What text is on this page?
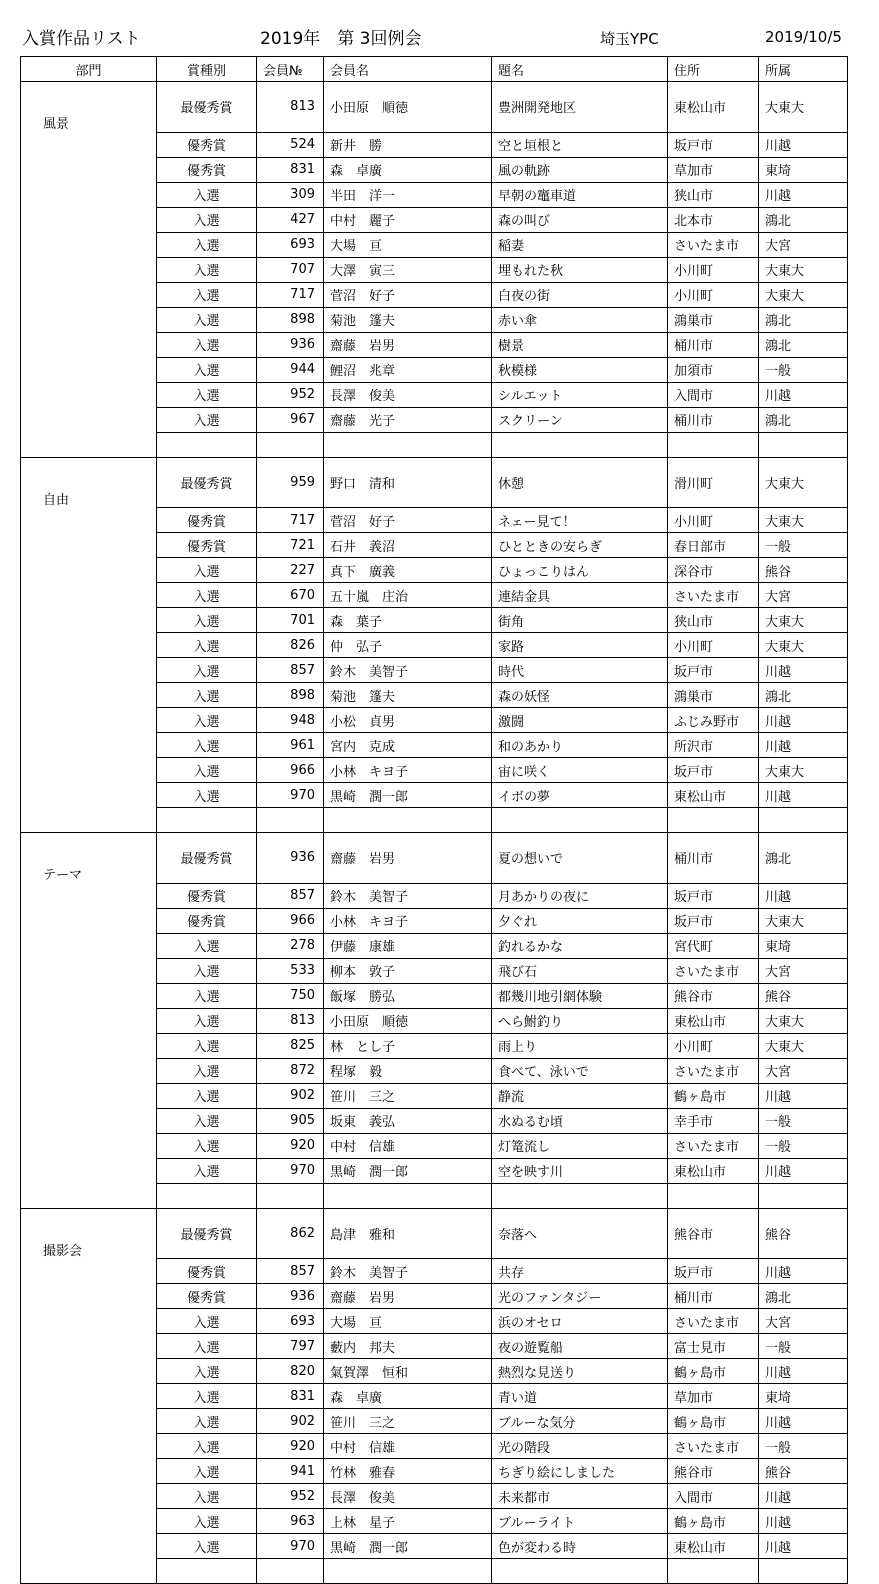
入賞作品リスト	2019年　第 3回例会	埼玉YPC	2019/10/5
部門	賞種別	会員№	会員名	題名	住所	所属

風景	最優秀賞	813	小田原　順徳	豊洲開発地区	東松山市	大東大
	優秀賞	524	新井　勝	空と垣根と	坂戸市	川越
	優秀賞	831	森　卓廣	風の軌跡	草加市	東埼
	入選	309	半田　洋一	早朝の竈車道	狭山市	川越
	入選	427	中村　麗子	森の叫び	北本市	鴻北
	入選	693	大場　亘	稲妻	さいたま市	大宮
	入選	707	大澤　寅三	埋もれた秋	小川町	大東大
	入選	717	菅沼　好子	白夜の街	小川町	大東大
	入選	898	菊池　篷夫	赤い傘	鴻巣市	鴻北
	入選	936	齋藤　岩男	樹景	桶川市	鴻北
	入選	944	鯉沼　兆章	秋模様	加須市	一般
	入選	952	長澤　俊美	シルエット	入間市	川越
	入選	967	齋藤　光子	スクリーン	桶川市	鴻北

自由	最優秀賞	959	野口　清和	休憩	滑川町	大東大
	優秀賞	717	菅沼　好子	ネェー見て！	小川町	大東大
	優秀賞	721	石井　義沼	ひとときの安らぎ	春日部市	一般
	入選	227	真下　廣義	ひょっこりはん	深谷市	熊谷
	入選	670	五十嵐　庄治	連結金具	さいたま市	大宮
	入選	701	森　葉子	街角	狭山市	大東大
	入選	826	仲　弘子	家路	小川町	大東大
	入選	857	鈴木　美智子	時代	坂戸市	川越
	入選	898	菊池　篷夫	森の妖怪	鴻巣市	鴻北
	入選	948	小松　貞男	激闘	ふじみ野市	川越
	入選	961	宮内　克成	和のあかり	所沢市	川越
	入選	966	小林　キヨ子	宙に咲く	坂戸市	大東大
	入選	970	黒崎　潤一郎	イボの夢	東松山市	川越

テーマ	最優秀賞	936	齋藤　岩男	夏の想いで	桶川市	鴻北
	優秀賞	857	鈴木　美智子	月あかりの夜に	坂戸市	川越
	優秀賞	966	小林　キヨ子	夕ぐれ	坂戸市	大東大
	入選	278	伊藤　康雄	釣れるかな	宮代町	東埼
	入選	533	柳本　敦子	飛び石	さいたま市	大宮
	入選	750	飯塚　勝弘	都幾川地引網体験	熊谷市	熊谷
	入選	813	小田原　順徳	へら鮒釣り	東松山市	大東大
	入選	825	林　とし子	雨上り	小川町	大東大
	入選	872	程塚　毅	食べて、泳いで	さいたま市	大宮
	入選	902	笹川　三之	静流	鶴ヶ島市	川越
	入選	905	坂東　義弘	水ぬるむ頃	幸手市	一般
	入選	920	中村　信雄	灯篭流し	さいたま市	一般
	入選	970	黒崎　潤一郎	空を映す川	東松山市	川越

撮影会	最優秀賞	862	島津　雅和	奈落へ	熊谷市	熊谷
	優秀賞	857	鈴木　美智子	共存	坂戸市	川越
	優秀賞	936	齋藤　岩男	光のファンタジー	桶川市	鴻北
	入選	693	大場　亘	浜のオセロ	さいたま市	大宮
	入選	797	藪内　邦夫	夜の遊覧船	富士見市	一般
	入選	820	氣賀澤　恒和	熱烈な見送り	鶴ヶ島市	川越
	入選	831	森　卓廣	青い道	草加市	東埼
	入選	902	笹川　三之	ブルーな気分	鶴ヶ島市	川越
	入選	920	中村　信雄	光の階段	さいたま市	一般
	入選	941	竹林　雅春	ちぎり絵にしました	熊谷市	熊谷
	入選	952	長澤　俊美	未来都市	入間市	川越
	入選	963	上林　星子	ブルーライト	鶴ヶ島市	川越
	入選	970	黒崎　潤一郎	色が変わる時	東松山市	川越
